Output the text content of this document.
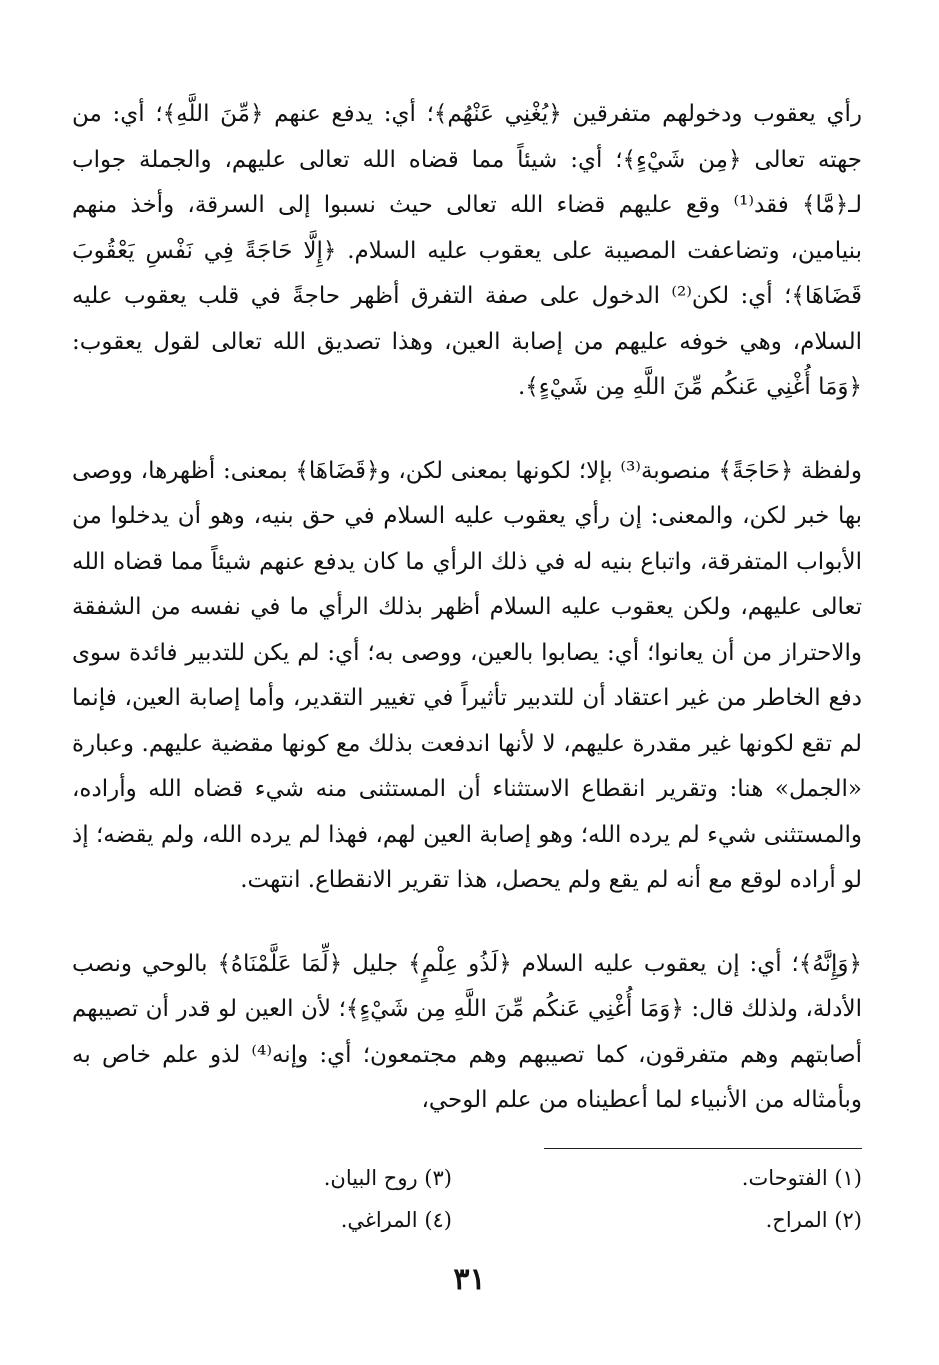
رأي يعقوب ودخولهم متفرقين ﴿يُغْنِي عَنْهُم﴾؛ أي: يدفع عنهم ﴿مِّنَ اللَّهِ﴾؛ أي: من جهته تعالى ﴿مِن شَيْءٍ﴾؛ أي: شيئاً مما قضاه الله تعالى عليهم، والجملة جواب لـ﴿مَّا﴾ فقد⁽¹⁾ وقع عليهم قضاء الله تعالى حيث نسبوا إلى السرقة، وأخذ منهم بنيامين، وتضاعفت المصيبة على يعقوب عليه السلام. ﴿إِلَّا حَاجَةً فِي نَفْسِ يَعْقُوبَ قَضَاهَا﴾؛ أي: لكن⁽²⁾ الدخول على صفة التفرق أظهر حاجةً في قلب يعقوب عليه السلام، وهي خوفه عليهم من إصابة العين، وهذا تصديق الله تعالى لقول يعقوب: ﴿وَمَا أُغْنِي عَنكُم مِّنَ اللَّهِ مِن شَيْءٍ﴾.

ولفظة ﴿حَاجَةً﴾ منصوبة⁽³⁾ بإلا؛ لكونها بمعنى لكن، و﴿قَضَاهَا﴾ بمعنى: أظهرها، ووصى بها خبر لكن، والمعنى: إن رأي يعقوب عليه السلام في حق بنيه، وهو أن يدخلوا من الأبواب المتفرقة، واتباع بنيه له في ذلك الرأي ما كان يدفع عنهم شيئاً مما قضاه الله تعالى عليهم، ولكن يعقوب عليه السلام أظهر بذلك الرأي ما في نفسه من الشفقة والاحتراز من أن يعانوا؛ أي: يصابوا بالعين، ووصى به؛ أي: لم يكن للتدبير فائدة سوى دفع الخاطر من غير اعتقاد أن للتدبير تأثيراً في تغيير التقدير، وأما إصابة العين، فإنما لم تقع لكونها غير مقدرة عليهم، لا لأنها اندفعت بذلك مع كونها مقضية عليهم. وعبارة «الجمل» هنا: وتقرير انقطاع الاستثناء أن المستثنى منه شيء قضاه الله وأراده، والمستثنى شيء لم يرده الله؛ وهو إصابة العين لهم، فهذا لم يرده الله، ولم يقضه؛ إذ لو أراده لوقع مع أنه لم يقع ولم يحصل، هذا تقرير الانقطاع. انتهت.

﴿وَإِنَّهُ﴾؛ أي: إن يعقوب عليه السلام ﴿لَذُو عِلْمٍ﴾ جليل ﴿لِّمَا عَلَّمْنَاهُ﴾ بالوحي ونصب الأدلة، ولذلك قال: ﴿وَمَا أُغْنِي عَنكُم مِّنَ اللَّهِ مِن شَيْءٍ﴾؛ لأن العين لو قدر أن تصيبهم أصابتهم وهم متفرقون، كما تصيبهم وهم مجتمعون؛ أي: وإنه⁽⁴⁾ لذو علم خاص به وبأمثاله من الأنبياء لما أعطيناه من علم الوحي،

(١) الفتوحات.
(٣) روح البيان.
(٢) المراح.
(٤) المراغي.
٣١
